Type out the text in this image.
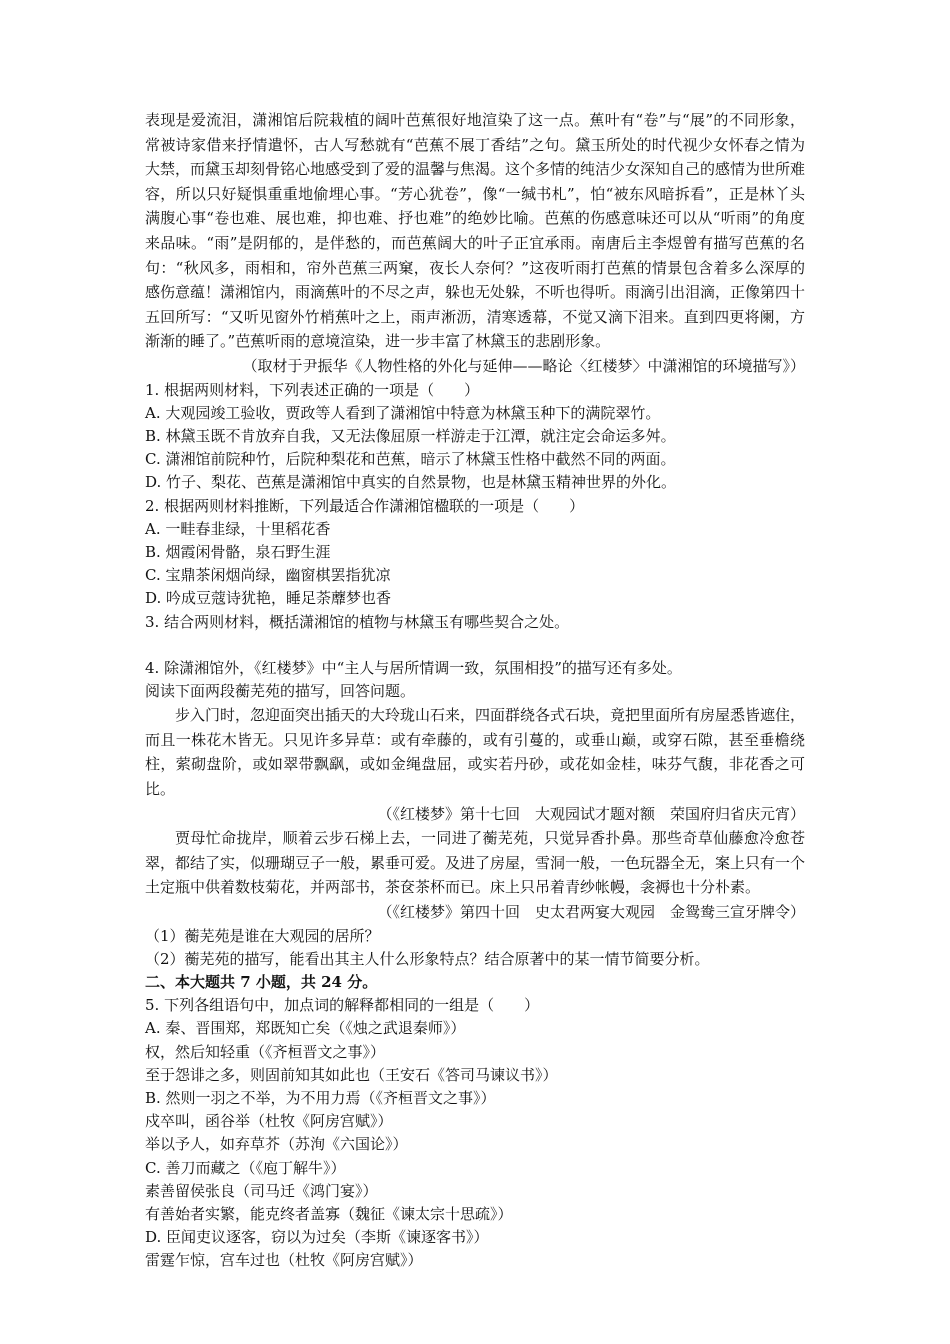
表现是爱流泪，潇湘馆后院栽植的阔叶芭蕉很好地渲染了这一点。蕉叶有“卷”与“展”的不同形象，常被诗家借来抒情遣怀，古人写愁就有“芭蕉不展丁香结”之句。黛玉所处的时代视少女怀春之情为大禁，而黛玉却刻骨铭心地感受到了爱的温馨与焦渴。这个多情的纯洁少女深知自己的感情为世所难容，所以只好疑惧重重地偷埋心事。“芳心犹卷”，像“一缄书札”，怕“被东风暗拆看”，正是林丫头满腹心事“卷也难、展也难，抑也难、抒也难”的绝妙比喻。芭蕉的伤感意味还可以从“听雨”的角度来品味。“雨”是阴郁的，是伴愁的，而芭蕉阔大的叶子正宜承雨。南唐后主李煜曾有描写芭蕉的名句：“秋风多，雨相和，帘外芭蕉三两窠，夜长人奈何？”这夜听雨打芭蕉的情景包含着多么深厚的感伤意蕴！潇湘馆内，雨滴蕉叶的不尽之声，躲也无处躲，不听也得听。雨滴引出泪滴，正像第四十五回所写：“又听见窗外竹梢蕉叶之上，雨声淅沥，清寒透幕，不觉又滴下泪来。直到四更将阑，方渐渐的睡了。”芭蕉听雨的意境渲染，进一步丰富了林黛玉的悲剧形象。

（取材于尹振华《人物性格的外化与延伸——略论〈红楼梦〉中潇湘馆的环境描写》）

1. 根据两则材料，下列表述正确的一项是（　　）

A. 大观园竣工验收，贾政等人看到了潇湘馆中特意为林黛玉种下的满院翠竹。

B. 林黛玉既不肯放弃自我，又无法像屈原一样游走于江潭，就注定会命运多舛。

C. 潇湘馆前院种竹，后院种梨花和芭蕉，暗示了林黛玉性格中截然不同的两面。

D. 竹子、梨花、芭蕉是潇湘馆中真实的自然景物，也是林黛玉精神世界的外化。

2. 根据两则材料推断，下列最适合作潇湘馆楹联的一项是（　　）

A. 一畦春韭绿，十里稻花香

B. 烟霞闲骨骼，泉石野生涯

C. 宝鼎茶闲烟尚绿，幽窗棋罢指犹凉

D. 吟成豆蔻诗犹艳，睡足荼蘼梦也香

3. 结合两则材料，概括潇湘馆的植物与林黛玉有哪些契合之处。

4. 除潇湘馆外，《红楼梦》中“主人与居所情调一致，氛围相投”的描写还有多处。

阅读下面两段蘅芜苑的描写，回答问题。

步入门时，忽迎面突出插天的大玲珑山石来，四面群绕各式石块，竟把里面所有房屋悉皆遮住，而且一株花木皆无。只见许多异草：或有牵藤的，或有引蔓的，或垂山巅，或穿石隙，甚至垂檐绕柱，萦砌盘阶，或如翠带飘飖，或如金绳盘屈，或实若丹砂，或花如金桂，味芬气馥，非花香之可比。

（《红楼梦》第十七回　大观园试才题对额　荣国府归省庆元宵）

贾母忙命拢岸，顺着云步石梯上去，一同进了蘅芜苑，只觉异香扑鼻。那些奇草仙藤愈冷愈苍翠，都结了实，似珊瑚豆子一般，累垂可爱。及进了房屋，雪洞一般，一色玩器全无，案上只有一个土定瓶中供着数枝菊花，并两部书，茶奁茶杯而已。床上只吊着青纱帐幔，衾褥也十分朴素。

（《红楼梦》第四十回　史太君两宴大观园　金鸳鸯三宣牙牌令）

（1）蘅芜苑是谁在大观园的居所？

（2）蘅芜苑的描写，能看出其主人什么形象特点？结合原著中的某一情节简要分析。

二、本大题共 7 小题，共 24 分。

5. 下列各组语句中，加点词的解释都相同的一组是（　　）

A. 秦、晋围郑，郑既知亡矣（《烛之武退秦师》）

权，然后知轻重（《齐桓晋文之事》）

至于怨诽之多，则固前知其如此也（王安石《答司马谏议书》）

B. 然则一羽之不举，为不用力焉（《齐桓晋文之事》）

戍卒叫，函谷举（杜牧《阿房宫赋》）

举以予人，如弃草芥（苏洵《六国论》）

C. 善刀而藏之（《庖丁解牛》）

素善留侯张良（司马迁《鸿门宴》）

有善始者实繁，能克终者盖寡（魏征《谏太宗十思疏》）

D. 臣闻吏议逐客，窃以为过矣（李斯《谏逐客书》）

雷霆乍惊，宫车过也（杜牧《阿房宫赋》）
